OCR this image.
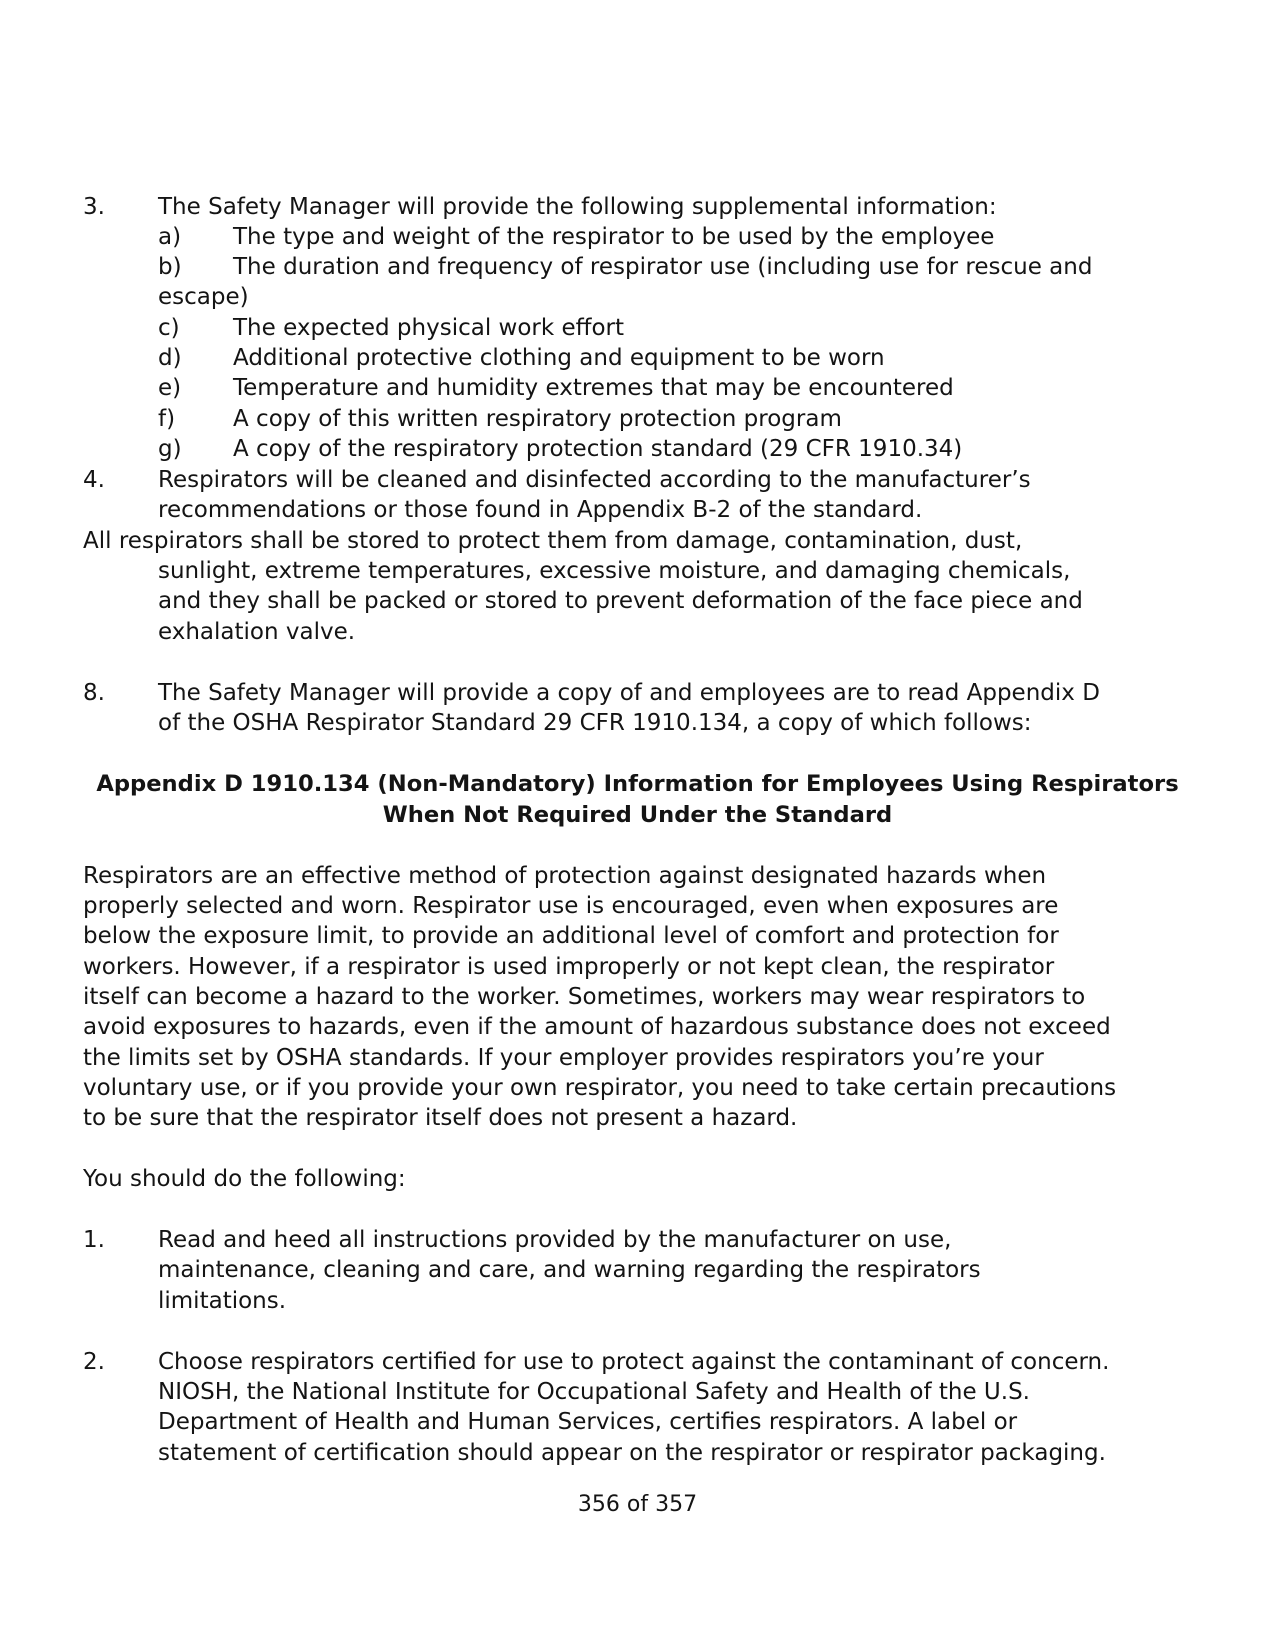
3. The Safety Manager will provide the following supplemental information:
a) The type and weight of the respirator to be used by the employee
b) The duration and frequency of respirator use (including use for rescue and
escape)
c) The expected physical work effort
d) Additional protective clothing and equipment to be worn
e) Temperature and humidity extremes that may be encountered
f)	A copy of this written respiratory protection program
g) A copy of the respiratory protection standard (29 CFR 1910.34)
4. Respirators will be cleaned and disinfected according to the manufacturer’s
recommendations or those found in Appendix B-2 of the standard.
All respirators shall be stored to protect them from damage, contamination, dust,
sunlight, extreme temperatures, excessive moisture, and damaging chemicals,
and they shall be packed or stored to prevent deformation of the face piece and
exhalation valve.
8. The Safety Manager will provide a copy of and employees are to read Appendix D
of the OSHA Respirator Standard 29 CFR 1910.134, a copy of which follows:
Appendix D 1910.134 (Non-Mandatory) Information for Employees Using Respirators
When Not Required Under the Standard
Respirators are an effective method of protection against designated hazards when
properly selected and worn. Respirator use is encouraged, even when exposures are
below the exposure limit, to provide an additional level of comfort and protection for
workers. However, if a respirator is used improperly or not kept clean, the respirator
itself can become a hazard to the worker. Sometimes, workers may wear respirators to
avoid exposures to hazards, even if the amount of hazardous substance does not exceed
the limits set by OSHA standards. If your employer provides respirators you’re your
voluntary use, or if you provide your own respirator, you need to take certain precautions
to be sure that the respirator itself does not present a hazard.
You should do the following:
1. Read and heed all instructions provided by the manufacturer on use,
maintenance, cleaning and care, and warning regarding the respirators
limitations.
2. Choose respirators certified for use to protect against the contaminant of concern.
NIOSH, the National Institute for Occupational Safety and Health of the U.S.
Department of Health and Human Services, certifies respirators. A label or
statement of certification should appear on the respirator or respirator packaging.
356 of 357
